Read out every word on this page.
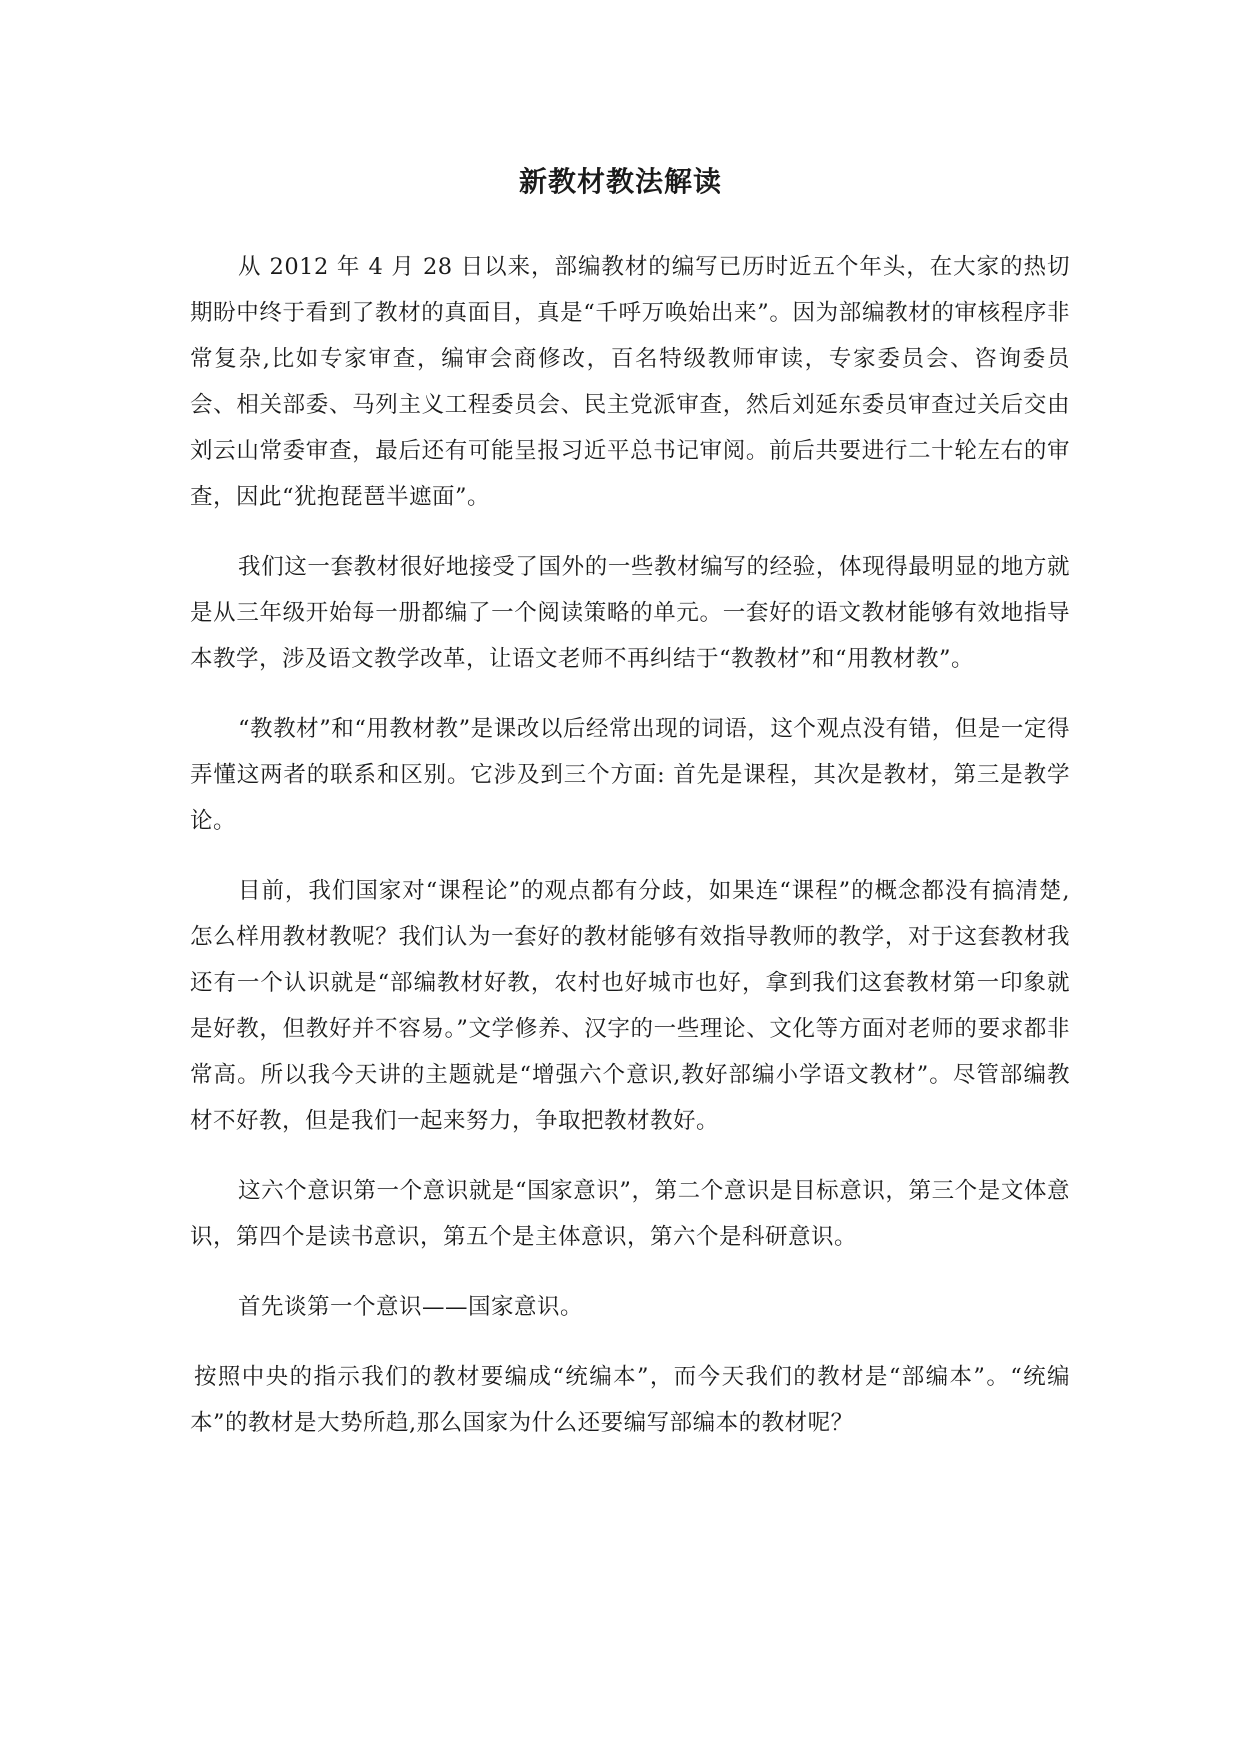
新教材教法解读

从 2012 年 4 月 28 日以来，部编教材的编写已历时近五个年头，在大家的热切期盼中终于看到了教材的真面目，真是“千呼万唤始出来”。因为部编教材的审核程序非常复杂,比如专家审查，编审会商修改，百名特级教师审读，专家委员会、咨询委员会、相关部委、马列主义工程委员会、民主党派审查，然后刘延东委员审查过关后交由刘云山常委审查，最后还有可能呈报习近平总书记审阅。前后共要进行二十轮左右的审查，因此“犹抱琵琶半遮面”。

我们这一套教材很好地接受了国外的一些教材编写的经验，体现得最明显的地方就是从三年级开始每一册都编了一个阅读策略的单元。一套好的语文教材能够有效地指导本教学，涉及语文教学改革，让语文老师不再纠结于“教教材”和“用教材教”。

“教教材”和“用教材教”是课改以后经常出现的词语，这个观点没有错，但是一定得弄懂这两者的联系和区别。它涉及到三个方面: 首先是课程，其次是教材，第三是教学论。

目前，我们国家对“课程论”的观点都有分歧，如果连“课程”的概念都没有搞清楚,怎么样用教材教呢？我们认为一套好的教材能够有效指导教师的教学，对于这套教材我还有一个认识就是“部编教材好教，农村也好城市也好，拿到我们这套教材第一印象就是好教，但教好并不容易。”文学修养、汉字的一些理论、文化等方面对老师的要求都非常高。所以我今天讲的主题就是“增强六个意识,教好部编小学语文教材”。尽管部编教材不好教，但是我们一起来努力，争取把教材教好。

这六个意识第一个意识就是“国家意识”，第二个意识是目标意识，第三个是文体意识，第四个是读书意识，第五个是主体意识，第六个是科研意识。

首先谈第一个意识——国家意识。

按照中央的指示我们的教材要编成“统编本”，而今天我们的教材是“部编本”。“统编本”的教材是大势所趋,那么国家为什么还要编写部编本的教材呢？
